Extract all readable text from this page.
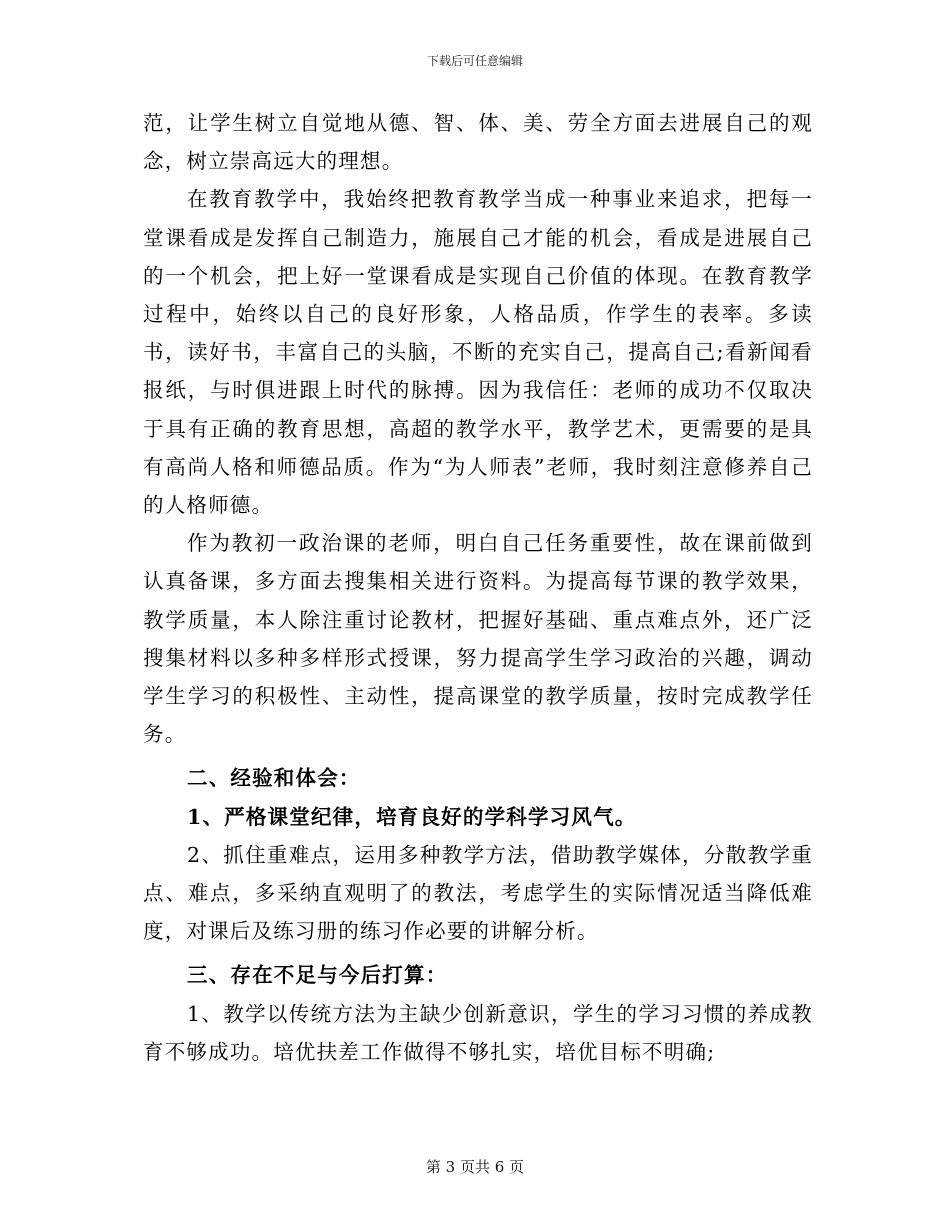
下载后可任意编辑

范，让学生树立自觉地从德、智、体、美、劳全方面去进展自己的观念，树立崇高远大的理想。

在教育教学中，我始终把教育教学当成一种事业来追求，把每一堂课看成是发挥自己制造力，施展自己才能的机会，看成是进展自己的一个机会，把上好一堂课看成是实现自己价值的体现。在教育教学过程中，始终以自己的良好形象，人格品质，作学生的表率。多读书，读好书，丰富自己的头脑，不断的充实自己，提高自己;看新闻看报纸，与时俱进跟上时代的脉搏。因为我信任：老师的成功不仅取决于具有正确的教育思想，高超的教学水平，教学艺术，更需要的是具有高尚人格和师德品质。作为“为人师表”老师，我时刻注意修养自己的人格师德。

作为教初一政治课的老师，明白自己任务重要性，故在课前做到认真备课，多方面去搜集相关进行资料。为提高每节课的教学效果，教学质量，本人除注重讨论教材，把握好基础、重点难点外，还广泛搜集材料以多种多样形式授课，努力提高学生学习政治的兴趣，调动学生学习的积极性、主动性，提高课堂的教学质量，按时完成教学任务。

二、经验和体会：

1、严格课堂纪律，培育良好的学科学习风气。

2、抓住重难点，运用多种教学方法，借助教学媒体，分散教学重点、难点，多采纳直观明了的教法，考虑学生的实际情况适当降低难度，对课后及练习册的练习作必要的讲解分析。

三、存在不足与今后打算：

1、教学以传统方法为主缺少创新意识，学生的学习习惯的养成教育不够成功。培优扶差工作做得不够扎实，培优目标不明确;

第 3 页共 6 页
